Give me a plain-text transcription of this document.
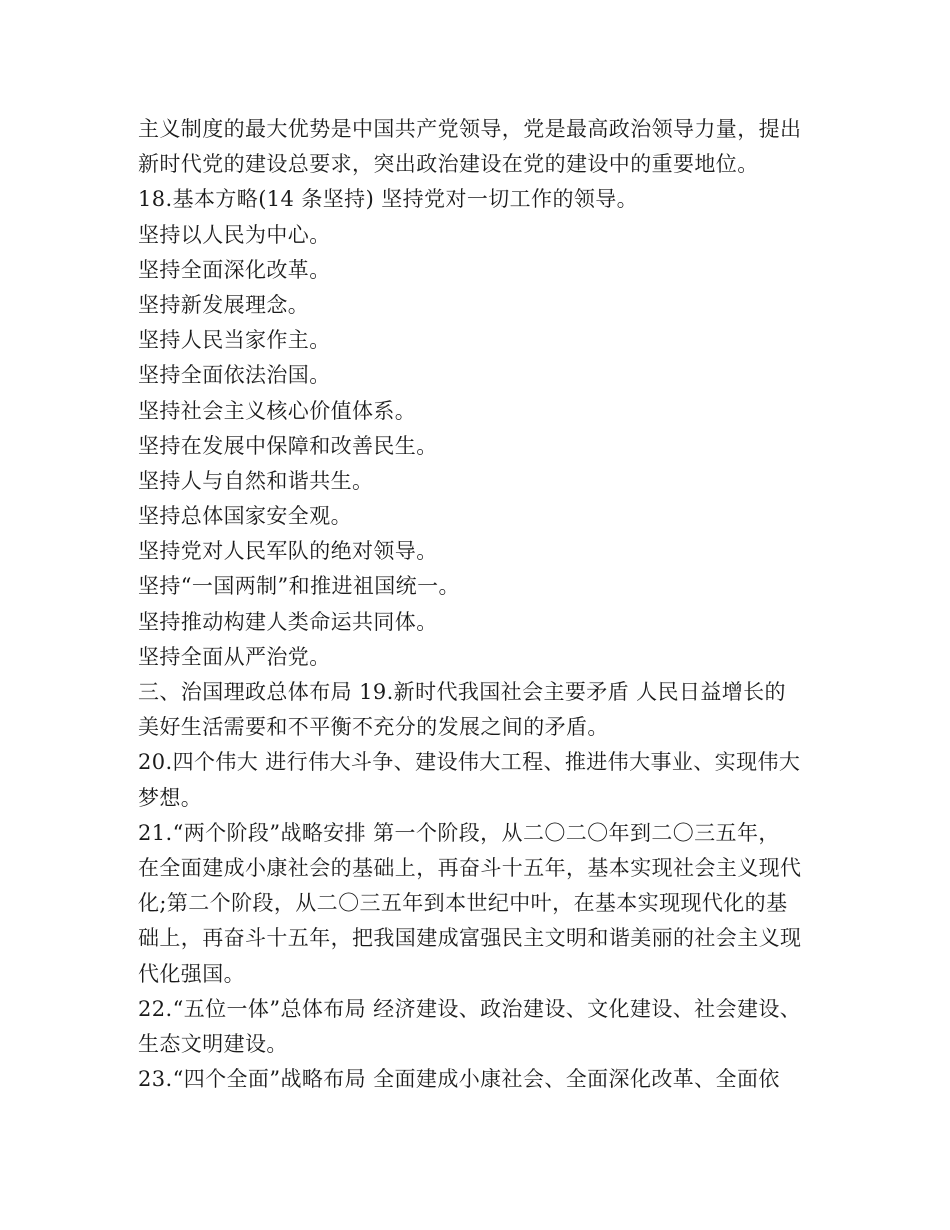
主义制度的最大优势是中国共产党领导，党是最高政治领导力量，提出
新时代党的建设总要求，突出政治建设在党的建设中的重要地位。
18.基本方略(14 条坚持) 坚持党对一切工作的领导。
坚持以人民为中心。
坚持全面深化改革。
坚持新发展理念。
坚持人民当家作主。
坚持全面依法治国。
坚持社会主义核心价值体系。
坚持在发展中保障和改善民生。
坚持人与自然和谐共生。
坚持总体国家安全观。
坚持党对人民军队的绝对领导。
坚持“一国两制”和推进祖国统一。
坚持推动构建人类命运共同体。
坚持全面从严治党。
三、治国理政总体布局 19.新时代我国社会主要矛盾 人民日益增长的
美好生活需要和不平衡不充分的发展之间的矛盾。
20.四个伟大 进行伟大斗争、建设伟大工程、推进伟大事业、实现伟大
梦想。
21.“两个阶段”战略安排 第一个阶段，从二〇二〇年到二〇三五年，
在全面建成小康社会的基础上，再奋斗十五年，基本实现社会主义现代
化;第二个阶段，从二〇三五年到本世纪中叶，在基本实现现代化的基
础上，再奋斗十五年，把我国建成富强民主文明和谐美丽的社会主义现
代化强国。
22.“五位一体”总体布局 经济建设、政治建设、文化建设、社会建设、
生态文明建设。
23.“四个全面”战略布局 全面建成小康社会、全面深化改革、全面依
